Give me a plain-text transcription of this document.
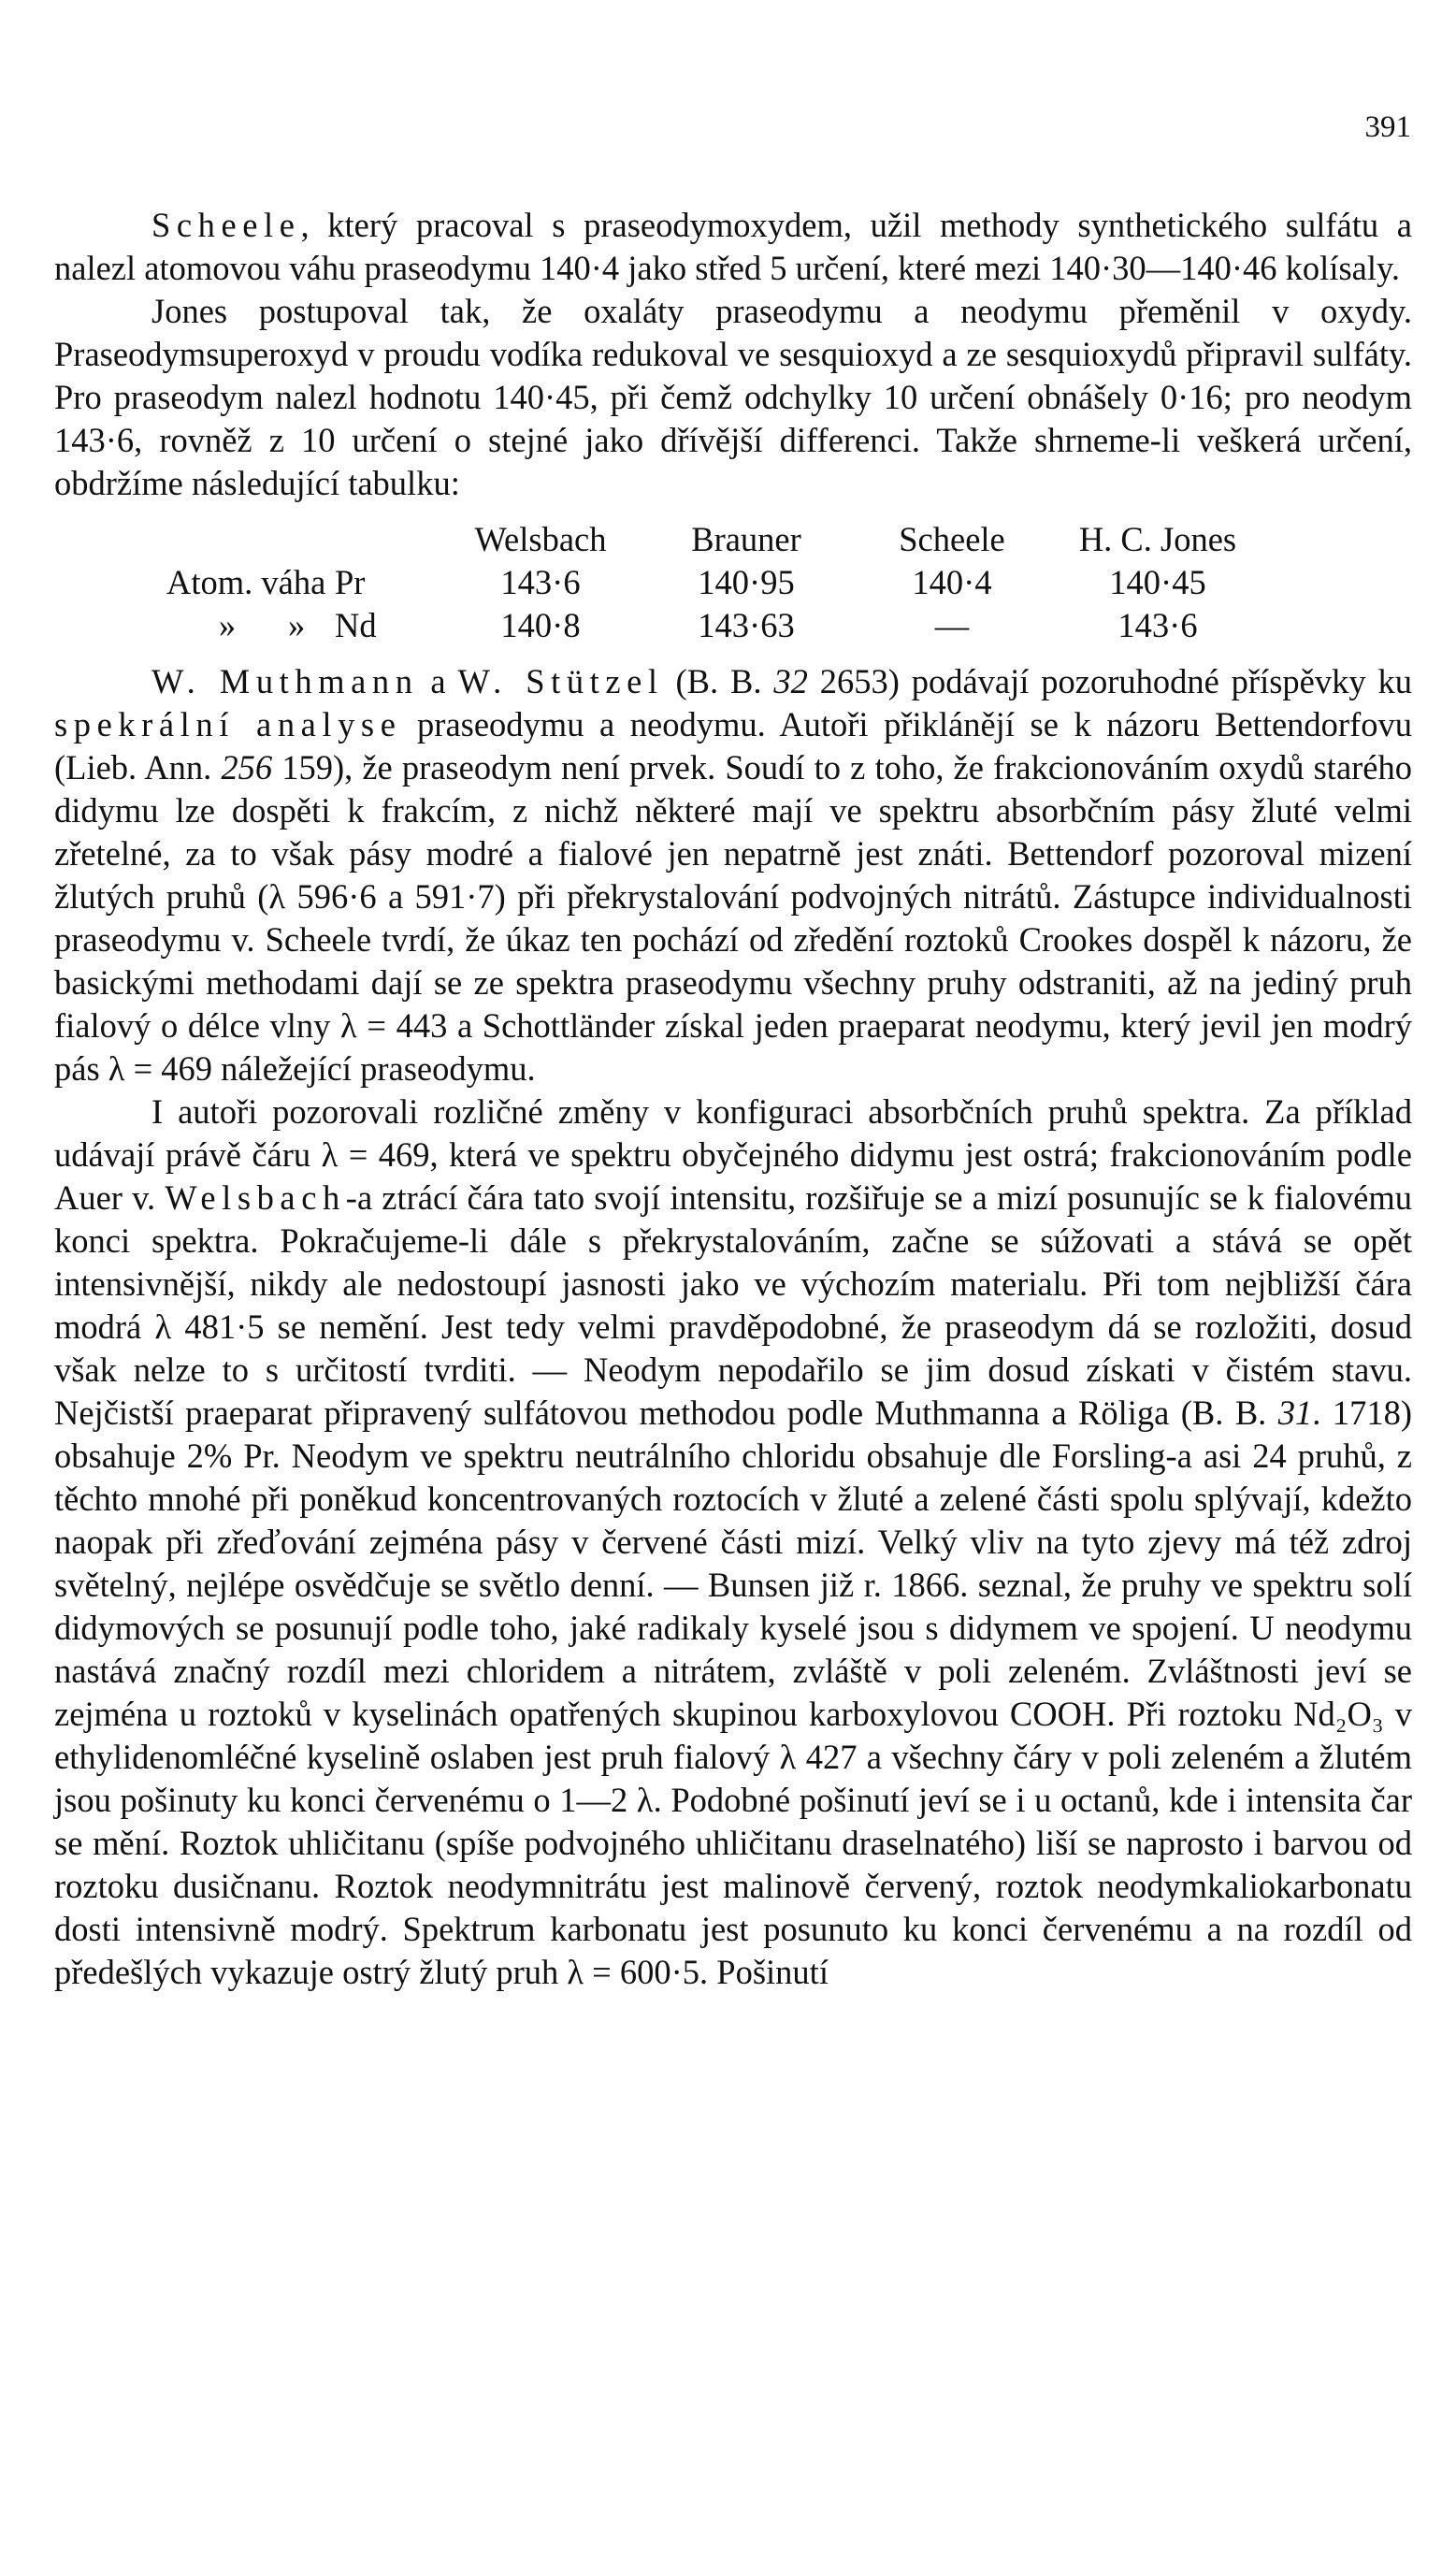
391

Scheele, který pracoval s praseodymoxydem, užil methody synthetického sulfátu a nalezl atomovou váhu praseodymu 140·4 jako střed 5 určení, které mezi 140·30—140·46 kolísaly.

Jones postupoval tak, že oxaláty praseodymu a neodymu přeměnil v oxydy. Praseodymsuperoxyd v proudu vodíka redukoval ve sesquioxyd a ze sesquioxydů připravil sulfáty. Pro praseodym nalezl hodnotu 140·45, při čemž odchylky 10 určení obnášely 0·16; pro neodym 143·6, rovněž z 10 určení o stejné jako dřívější differenci. Takže shrneme-li veškerá určení, obdržíme následující tabulku:

		Welsbach	Brauner	Scheele	H. C. Jones
Atom. váha	Pr	143·6	140·95	140·4	140·45
» »	Nd	140·8	143·63	—	143·6

W. Muthmann a W. Stützel (B. B. 32 2653) podávají pozoruhodné příspěvky ku spekrální analyse praseodymu a neodymu. Autoři přiklánějí se k názoru Bettendorfovu (Lieb. Ann. 256 159), že praseodym není prvek. Soudí to z toho, že frakcionováním oxydů starého didymu lze dospěti k frakcím, z nichž některé mají ve spektru absorbčním pásy žluté velmi zřetelné, za to však pásy modré a fialové jen nepatrně jest znáti. Bettendorf pozoroval mizení žlutých pruhů (λ 596·6 a 591·7) při překrystalování podvojných nitrátů. Zástupce individualnosti praseodymu v. Scheele tvrdí, že úkaz ten pochází od zředění roztoků Crookes dospěl k názoru, že basickými methodami dají se ze spektra praseodymu všechny pruhy odstraniti, až na jediný pruh fialový o délce vlny λ = 443 a Schottländer získal jeden praeparat neodymu, který jevil jen modrý pás λ = 469 náležející praseodymu.

I autoři pozorovali rozličné změny v konfiguraci absorbčních pruhů spektra. Za příklad udávají právě čáru λ = 469, která ve spektru obyčejného didymu jest ostrá; frakcionováním podle Auer v. Welsbach-a ztrácí čára tato svojí intensitu, rozšiřuje se a mizí posunujíc se k fialovému konci spektra. Pokračujeme-li dále s překrystalováním, začne se súžovati a stává se opět intensivnější, nikdy ale nedostoupí jasnosti jako ve výchozím materialu. Při tom nejbližší čára modrá λ 481·5 se nemění. Jest tedy velmi pravděpodobné, že praseodym dá se rozložiti, dosud však nelze to s určitostí tvrditi. — Neodym nepodařilo se jim dosud získati v čistém stavu. Nejčistší praeparat připravený sulfátovou methodou podle Muthmanna a Röliga (B. B. 31. 1718) obsahuje 2% Pr. Neodym ve spektru neutrálního chloridu obsahuje dle Forsling-a asi 24 pruhů, z těchto mnohé při poněkud koncentrovaných roztocích v žluté a zelené části spolu splývají, kdežto naopak při zřeďování zejména pásy v červené části mizí. Velký vliv na tyto zjevy má též zdroj světelný, nejlépe osvědčuje se světlo denní. — Bunsen již r. 1866. seznal, že pruhy ve spektru solí didymových se posunují podle toho, jaké radikaly kyselé jsou s didymem ve spojení. U neodymu nastává značný rozdíl mezi chloridem a nitrátem, zvláště v poli zeleném. Zvláštnosti jeví se zejména u roztoků v kyselinách opatřených skupinou karboxylovou COOH. Při roztoku Nd₂O₃ v ethylidenomléčné kyselině oslaben jest pruh fialový λ 427 a všechny čáry v poli zeleném a žlutém jsou pošinuty ku konci červenému o 1—2 λ. Podobné pošinutí jeví se i u octanů, kde i intensita čar se mění. Roztok uhličitanu (spíše podvojného uhličitanu draselnatého) liší se naprosto i barvou od roztoku dusičnanu. Roztok neodymnitrátu jest malinově červený, roztok neodymkaliokarbonatu dosti intensivně modrý. Spektrum karbonatu jest posunuto ku konci červenému a na rozdíl od předešlých vykazuje ostrý žlutý pruh λ = 600·5. Pošinutí
